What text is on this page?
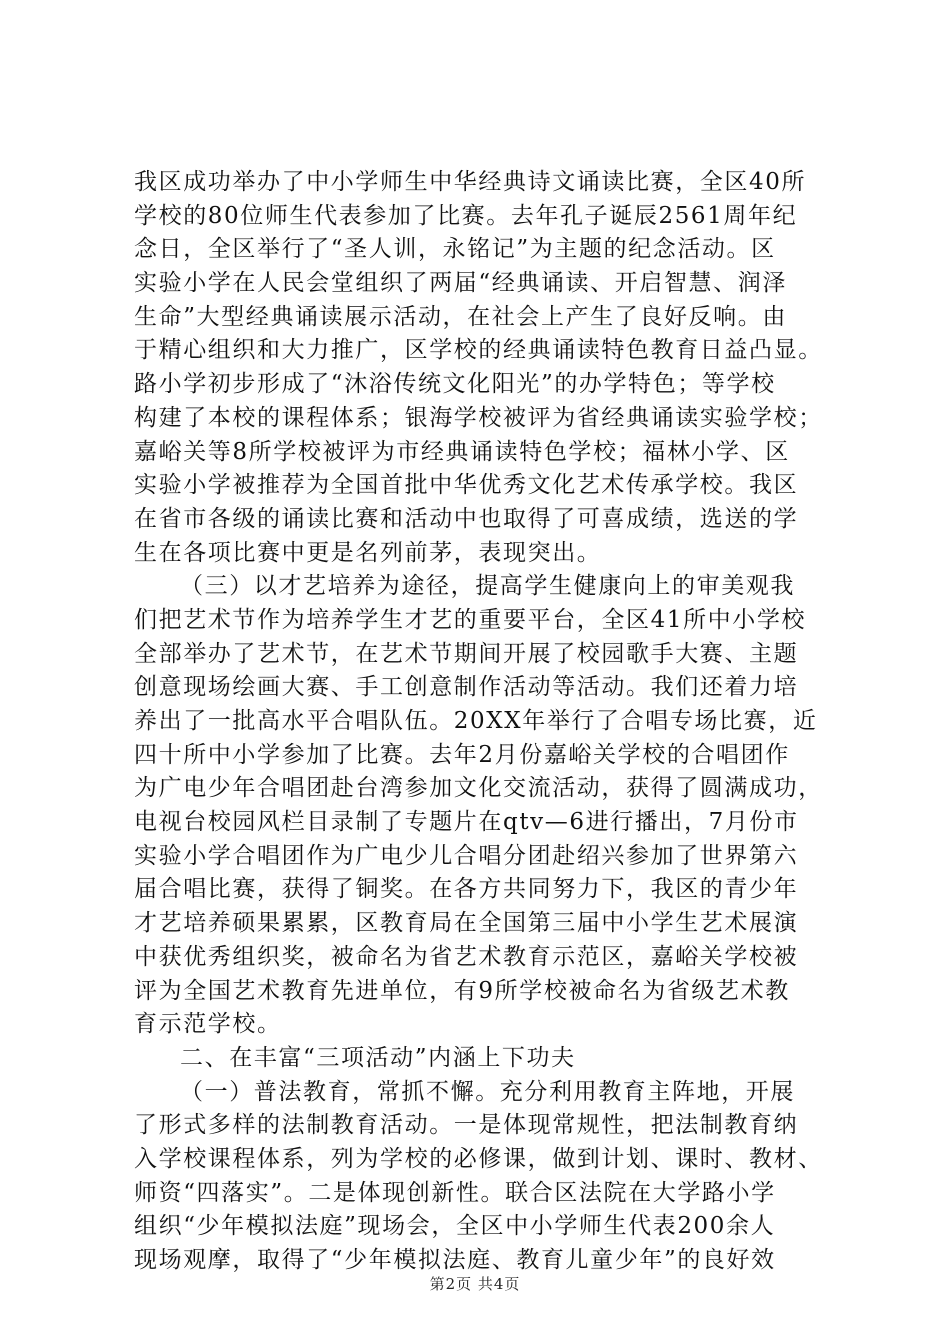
我区成功举办了中小学师生中华经典诗文诵读比赛，全区40所
学校的80位师生代表参加了比赛。去年孔子诞辰2561周年纪
念日，全区举行了“圣人训，永铭记”为主题的纪念活动。区
实验小学在人民会堂组织了两届“经典诵读、开启智慧、润泽
生命”大型经典诵读展示活动，在社会上产生了良好反响。由
于精心组织和大力推广，区学校的经典诵读特色教育日益凸显。
路小学初步形成了“沐浴传统文化阳光”的办学特色；等学校
构建了本校的课程体系；银海学校被评为省经典诵读实验学校；
嘉峪关等8所学校被评为市经典诵读特色学校；福林小学、区
实验小学被推荐为全国首批中华优秀文化艺术传承学校。我区
在省市各级的诵读比赛和活动中也取得了可喜成绩，选送的学
生在各项比赛中更是名列前茅，表现突出。
（三）以才艺培养为途径，提高学生健康向上的审美观我
们把艺术节作为培养学生才艺的重要平台，全区41所中小学校
全部举办了艺术节，在艺术节期间开展了校园歌手大赛、主题
创意现场绘画大赛、手工创意制作活动等活动。我们还着力培
养出了一批高水平合唱队伍。20XX年举行了合唱专场比赛，近
四十所中小学参加了比赛。去年2月份嘉峪关学校的合唱团作
为广电少年合唱团赴台湾参加文化交流活动，获得了圆满成功，
电视台校园风栏目录制了专题片在qtv—6进行播出，7月份市
实验小学合唱团作为广电少儿合唱分团赴绍兴参加了世界第六
届合唱比赛，获得了铜奖。在各方共同努力下，我区的青少年
才艺培养硕果累累，区教育局在全国第三届中小学生艺术展演
中获优秀组织奖，被命名为省艺术教育示范区，嘉峪关学校被
评为全国艺术教育先进单位，有9所学校被命名为省级艺术教
育示范学校。
二、在丰富“三项活动”内涵上下功夫
（一）普法教育，常抓不懈。充分利用教育主阵地，开展
了形式多样的法制教育活动。一是体现常规性，把法制教育纳
入学校课程体系，列为学校的必修课，做到计划、课时、教材、
师资“四落实”。二是体现创新性。联合区法院在大学路小学
组织“少年模拟法庭”现场会，全区中小学师生代表200余人
现场观摩，取得了“少年模拟法庭、教育儿童少年”的良好效
第2页 共4页
